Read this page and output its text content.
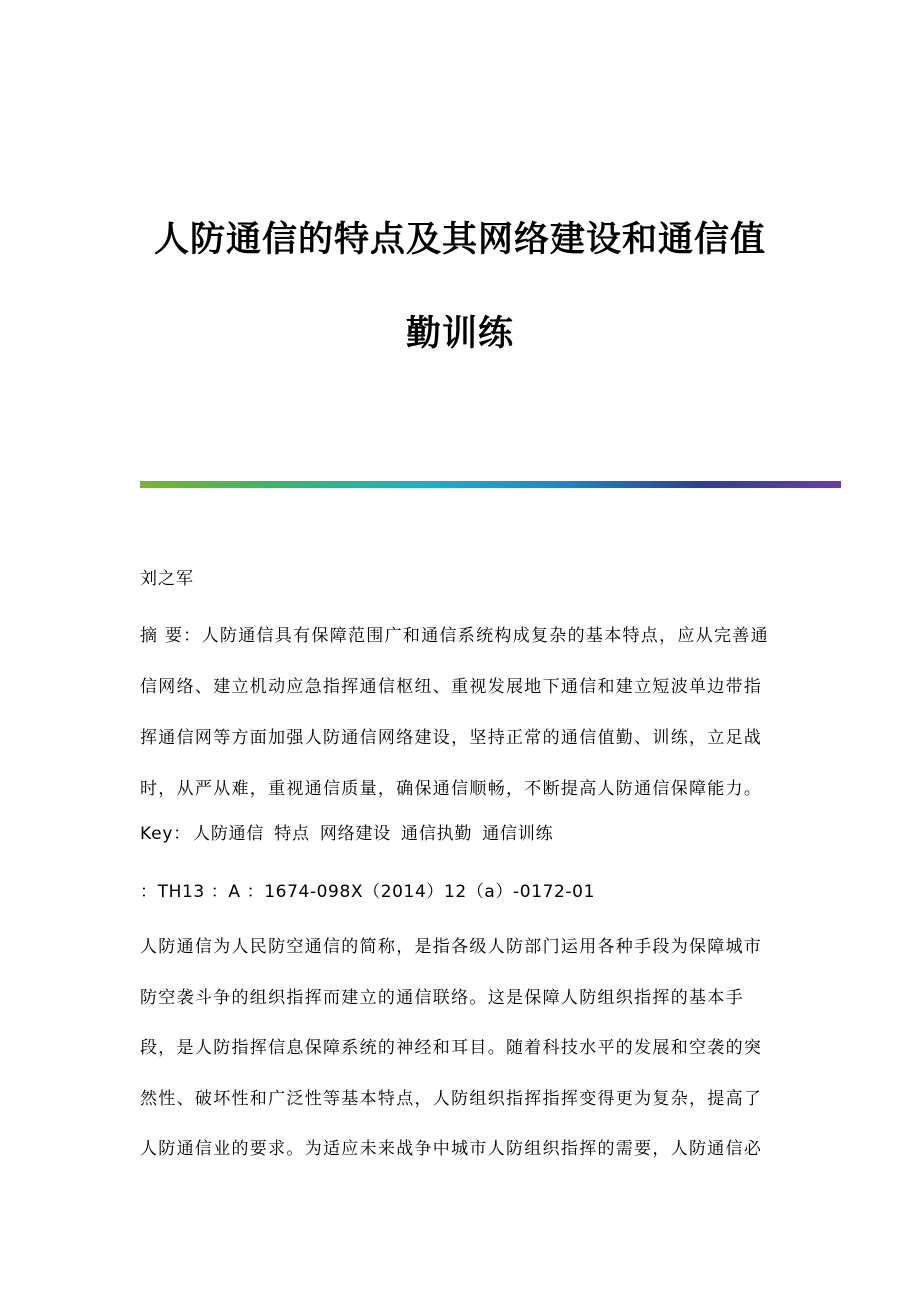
人防通信的特点及其网络建设和通信值
勤训练
刘之军
摘 要：人防通信具有保障范围广和通信系统构成复杂的基本特点，应从完善通
信网络、建立机动应急指挥通信枢纽、重视发展地下通信和建立短波单边带指
挥通信网等方面加强人防通信网络建设，坚持正常的通信值勤、训练，立足战
时，从严从难，重视通信质量，确保通信顺畅，不断提高人防通信保障能力。
Key： 人防通信 特点 网络建设 通信执勤 通信训练
：TH13 ：A ：1674-098X（2014）12（a）-0172-01
人防通信为人民防空通信的简称，是指各级人防部门运用各种手段为保障城市
防空袭斗争的组织指挥而建立的通信联络。这是保障人防组织指挥的基本手
段，是人防指挥信息保障系统的神经和耳目。随着科技水平的发展和空袭的突
然性、破坏性和广泛性等基本特点，人防组织指挥指挥变得更为复杂，提高了
人防通信业的要求。为适应未来战争中城市人防组织指挥的需要，人防通信必
